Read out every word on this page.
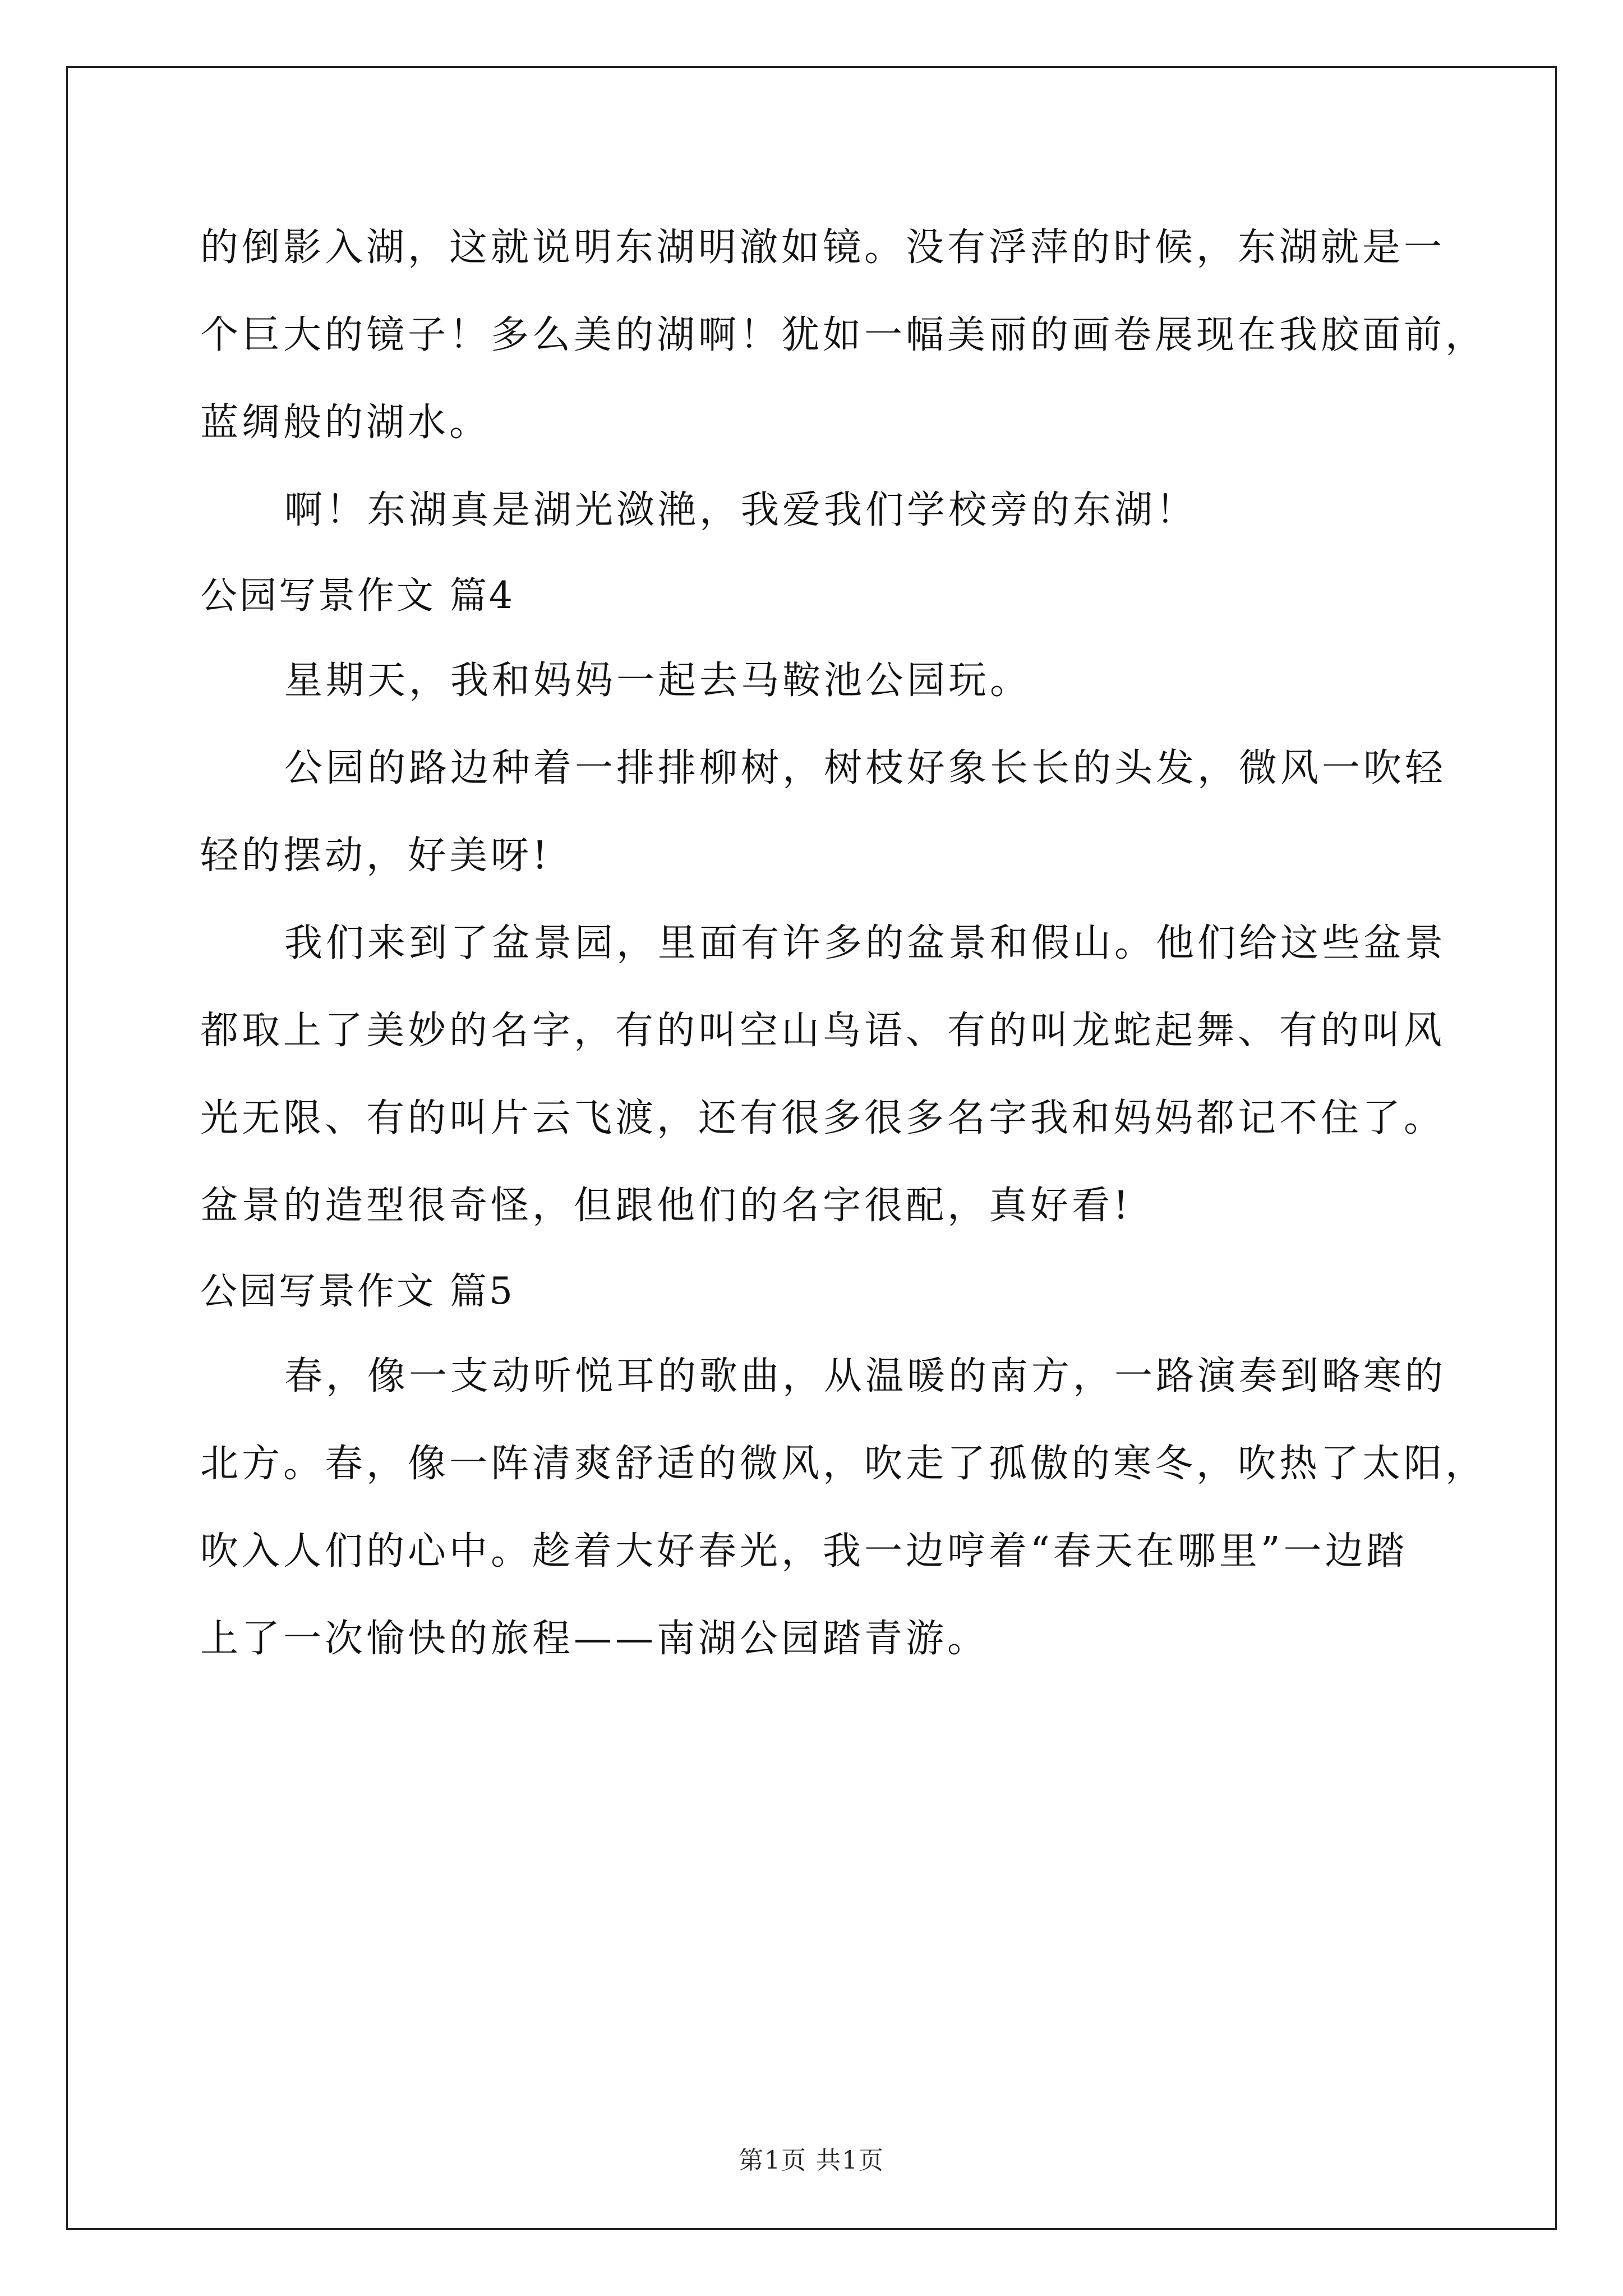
的倒影入湖，这就说明东湖明澈如镜。没有浮萍的时候，东湖就是一
个巨大的镜子！多么美的湖啊！犹如一幅美丽的画卷展现在我胶面前，
蓝绸般的湖水。
啊！东湖真是湖光潋滟，我爱我们学校旁的东湖！
公园写景作文 篇4
星期天，我和妈妈一起去马鞍池公园玩。
公园的路边种着一排排柳树，树枝好象长长的头发，微风一吹轻
轻的摆动，好美呀!
我们来到了盆景园，里面有许多的盆景和假山。他们给这些盆景
都取上了美妙的名字，有的叫空山鸟语、有的叫龙蛇起舞、有的叫风
光无限、有的叫片云飞渡，还有很多很多名字我和妈妈都记不住了。
盆景的造型很奇怪，但跟他们的名字很配，真好看!
公园写景作文 篇5
春，像一支动听悦耳的歌曲，从温暖的南方，一路演奏到略寒的
北方。春，像一阵清爽舒适的微风，吹走了孤傲的寒冬，吹热了太阳，
吹入人们的心中。趁着大好春光，我一边哼着“春天在哪里”一边踏
上了一次愉快的旅程——南湖公园踏青游。
第1页 共1页
